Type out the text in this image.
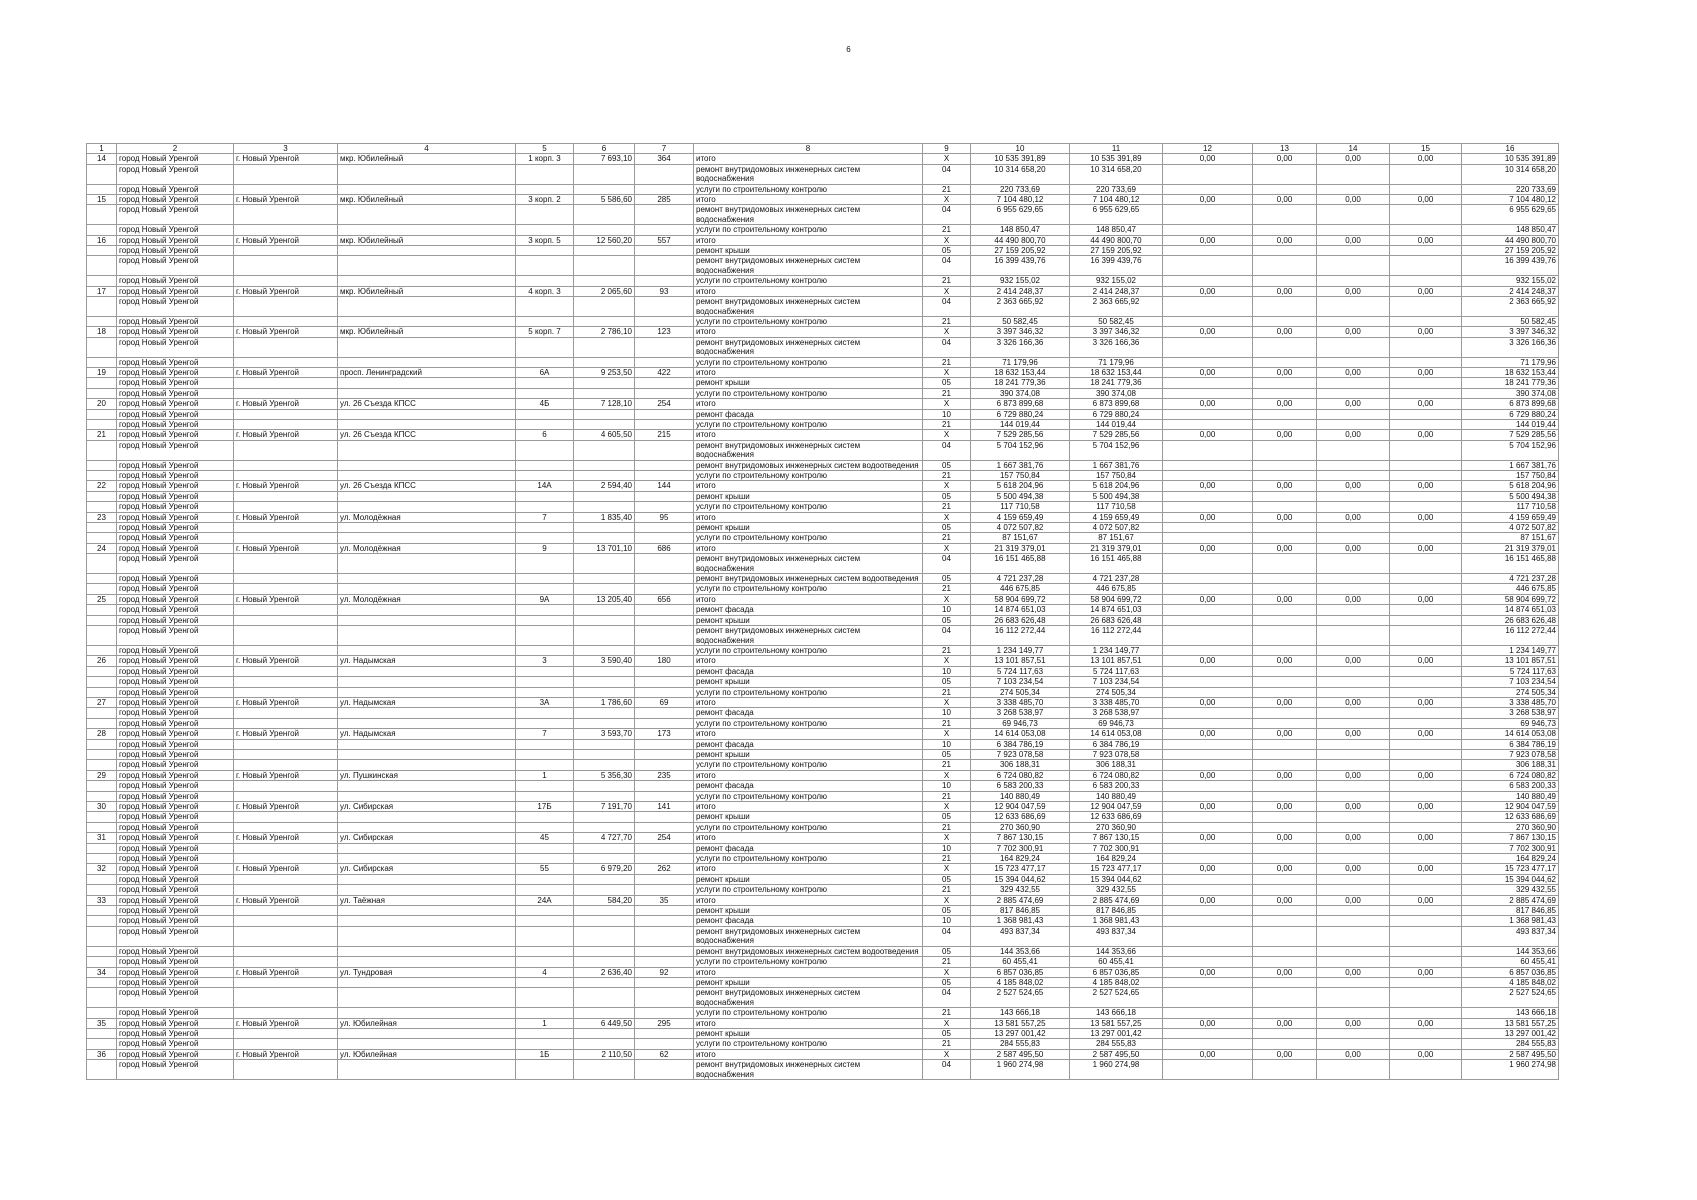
6
1	2	3	4	5	6	7	8	9	10	11	12	13	14	15	16
14	город Новый Уренгой	г. Новый Уренгой	мкр. Юбилейный	1 корп. 3	7 693,10	364	итого	X	10 535 391,89	10 535 391,89	0,00	0,00	0,00	0,00	10 535 391,89
	город Новый Уренгой						ремонт внутридомовых инженерных систем водоснабжения	04	10 314 658,20	10 314 658,20					10 314 658,20
	город Новый Уренгой						услуги по строительному контролю	21	220 733,69	220 733,69					220 733,69
15	город Новый Уренгой	г. Новый Уренгой	мкр. Юбилейный	3 корп. 2	5 586,60	285	итого	X	7 104 480,12	7 104 480,12	0,00	0,00	0,00	0,00	7 104 480,12
	город Новый Уренгой						ремонт внутридомовых инженерных систем водоснабжения	04	6 955 629,65	6 955 629,65					6 955 629,65
	город Новый Уренгой						услуги по строительному контролю	21	148 850,47	148 850,47					148 850,47
16	город Новый Уренгой	г. Новый Уренгой	мкр. Юбилейный	3 корп. 5	12 560,20	557	итого	X	44 490 800,70	44 490 800,70	0,00	0,00	0,00	0,00	44 490 800,70
	город Новый Уренгой						ремонт крыши	05	27 159 205,92	27 159 205,92					27 159 205,92
	город Новый Уренгой						ремонт внутридомовых инженерных систем водоснабжения	04	16 399 439,76	16 399 439,76					16 399 439,76
	город Новый Уренгой						услуги по строительному контролю	21	932 155,02	932 155,02					932 155,02
17	город Новый Уренгой	г. Новый Уренгой	мкр. Юбилейный	4 корп. 3	2 065,60	93	итого	X	2 414 248,37	2 414 248,37	0,00	0,00	0,00	0,00	2 414 248,37
	город Новый Уренгой						ремонт внутридомовых инженерных систем водоснабжения	04	2 363 665,92	2 363 665,92					2 363 665,92
	город Новый Уренгой						услуги по строительному контролю	21	50 582,45	50 582,45					50 582,45
18	город Новый Уренгой	г. Новый Уренгой	мкр. Юбилейный	5 корп. 7	2 786,10	123	итого	X	3 397 346,32	3 397 346,32	0,00	0,00	0,00	0,00	3 397 346,32
	город Новый Уренгой						ремонт внутридомовых инженерных систем водоснабжения	04	3 326 166,36	3 326 166,36					3 326 166,36
	город Новый Уренгой						услуги по строительному контролю	21	71 179,96	71 179,96					71 179,96
19	город Новый Уренгой	г. Новый Уренгой	просп. Ленинградский	6А	9 253,50	422	итого	X	18 632 153,44	18 632 153,44	0,00	0,00	0,00	0,00	18 632 153,44
	город Новый Уренгой						ремонт крыши	05	18 241 779,36	18 241 779,36					18 241 779,36
	город Новый Уренгой						услуги по строительному контролю	21	390 374,08	390 374,08					390 374,08
20	город Новый Уренгой	г. Новый Уренгой	ул. 26 Съезда КПСС	4Б	7 128,10	254	итого	X	6 873 899,68	6 873 899,68	0,00	0,00	0,00	0,00	6 873 899,68
	город Новый Уренгой						ремонт фасада	10	6 729 880,24	6 729 880,24					6 729 880,24
	город Новый Уренгой						услуги по строительному контролю	21	144 019,44	144 019,44					144 019,44
21	город Новый Уренгой	г. Новый Уренгой	ул. 26 Съезда КПСС	6	4 605,50	215	итого	X	7 529 285,56	7 529 285,56	0,00	0,00	0,00	0,00	7 529 285,56
	город Новый Уренгой						ремонт внутридомовых инженерных систем водоснабжения	04	5 704 152,96	5 704 152,96					5 704 152,96
	город Новый Уренгой						ремонт внутридомовых инженерных систем водоотведения	05	1 667 381,76	1 667 381,76					1 667 381,76
	город Новый Уренгой						услуги по строительному контролю	21	157 750,84	157 750,84					157 750,84
22	город Новый Уренгой	г. Новый Уренгой	ул. 26 Съезда КПСС	14А	2 594,40	144	итого	X	5 618 204,96	5 618 204,96	0,00	0,00	0,00	0,00	5 618 204,96
	город Новый Уренгой						ремонт крыши	05	5 500 494,38	5 500 494,38					5 500 494,38
	город Новый Уренгой						услуги по строительному контролю	21	117 710,58	117 710,58					117 710,58
23	город Новый Уренгой	г. Новый Уренгой	ул. Молодёжная	7	1 835,40	95	итого	X	4 159 659,49	4 159 659,49	0,00	0,00	0,00	0,00	4 159 659,49
	город Новый Уренгой						ремонт крыши	05	4 072 507,82	4 072 507,82					4 072 507,82
	город Новый Уренгой						услуги по строительному контролю	21	87 151,67	87 151,67					87 151,67
24	город Новый Уренгой	г. Новый Уренгой	ул. Молодёжная	9	13 701,10	686	итого	X	21 319 379,01	21 319 379,01	0,00	0,00	0,00	0,00	21 319 379,01
	город Новый Уренгой						ремонт внутридомовых инженерных систем водоснабжения	04	16 151 465,88	16 151 465,88					16 151 465,88
	город Новый Уренгой						ремонт внутридомовых инженерных систем водоотведения	05	4 721 237,28	4 721 237,28					4 721 237,28
	город Новый Уренгой						услуги по строительному контролю	21	446 675,85	446 675,85					446 675,85
25	город Новый Уренгой	г. Новый Уренгой	ул. Молодёжная	9А	13 205,40	656	итого	X	58 904 699,72	58 904 699,72	0,00	0,00	0,00	0,00	58 904 699,72
	город Новый Уренгой						ремонт фасада	10	14 874 651,03	14 874 651,03					14 874 651,03
	город Новый Уренгой						ремонт крыши	05	26 683 626,48	26 683 626,48					26 683 626,48
	город Новый Уренгой						ремонт внутридомовых инженерных систем водоснабжения	04	16 112 272,44	16 112 272,44					16 112 272,44
	город Новый Уренгой						услуги по строительному контролю	21	1 234 149,77	1 234 149,77					1 234 149,77
26	город Новый Уренгой	г. Новый Уренгой	ул. Надымская	3	3 590,40	180	итого	X	13 101 857,51	13 101 857,51	0,00	0,00	0,00	0,00	13 101 857,51
	город Новый Уренгой						ремонт фасада	10	5 724 117,63	5 724 117,63					5 724 117,63
	город Новый Уренгой						ремонт крыши	05	7 103 234,54	7 103 234,54					7 103 234,54
	город Новый Уренгой						услуги по строительному контролю	21	274 505,34	274 505,34					274 505,34
27	город Новый Уренгой	г. Новый Уренгой	ул. Надымская	3А	1 786,60	69	итого	X	3 338 485,70	3 338 485,70	0,00	0,00	0,00	0,00	3 338 485,70
	город Новый Уренгой						ремонт фасада	10	3 268 538,97	3 268 538,97					3 268 538,97
	город Новый Уренгой						услуги по строительному контролю	21	69 946,73	69 946,73					69 946,73
28	город Новый Уренгой	г. Новый Уренгой	ул. Надымская	7	3 593,70	173	итого	X	14 614 053,08	14 614 053,08	0,00	0,00	0,00	0,00	14 614 053,08
	город Новый Уренгой						ремонт фасада	10	6 384 786,19	6 384 786,19					6 384 786,19
	город Новый Уренгой						ремонт крыши	05	7 923 078,58	7 923 078,58					7 923 078,58
	город Новый Уренгой						услуги по строительному контролю	21	306 188,31	306 188,31					306 188,31
29	город Новый Уренгой	г. Новый Уренгой	ул. Пушкинская	1	5 356,30	235	итого	X	6 724 080,82	6 724 080,82	0,00	0,00	0,00	0,00	6 724 080,82
	город Новый Уренгой						ремонт фасада	10	6 583 200,33	6 583 200,33					6 583 200,33
	город Новый Уренгой						услуги по строительному контролю	21	140 880,49	140 880,49					140 880,49
30	город Новый Уренгой	г. Новый Уренгой	ул. Сибирская	17Б	7 191,70	141	итого	X	12 904 047,59	12 904 047,59	0,00	0,00	0,00	0,00	12 904 047,59
	город Новый Уренгой						ремонт крыши	05	12 633 686,69	12 633 686,69					12 633 686,69
	город Новый Уренгой						услуги по строительному контролю	21	270 360,90	270 360,90					270 360,90
31	город Новый Уренгой	г. Новый Уренгой	ул. Сибирская	45	4 727,70	254	итого	X	7 867 130,15	7 867 130,15	0,00	0,00	0,00	0,00	7 867 130,15
	город Новый Уренгой						ремонт фасада	10	7 702 300,91	7 702 300,91					7 702 300,91
	город Новый Уренгой						услуги по строительному контролю	21	164 829,24	164 829,24					164 829,24
32	город Новый Уренгой	г. Новый Уренгой	ул. Сибирская	55	6 979,20	262	итого	X	15 723 477,17	15 723 477,17	0,00	0,00	0,00	0,00	15 723 477,17
	город Новый Уренгой						ремонт крыши	05	15 394 044,62	15 394 044,62					15 394 044,62
	город Новый Уренгой						услуги по строительному контролю	21	329 432,55	329 432,55					329 432,55
33	город Новый Уренгой	г. Новый Уренгой	ул. Таёжная	24А	584,20	35	итого	X	2 885 474,69	2 885 474,69	0,00	0,00	0,00	0,00	2 885 474,69
	город Новый Уренгой						ремонт крыши	05	817 846,85	817 846,85					817 846,85
	город Новый Уренгой						ремонт фасада	10	1 368 981,43	1 368 981,43					1 368 981,43
	город Новый Уренгой						ремонт внутридомовых инженерных систем водоснабжения	04	493 837,34	493 837,34					493 837,34
	город Новый Уренгой						ремонт внутридомовых инженерных систем водоотведения	05	144 353,66	144 353,66					144 353,66
	город Новый Уренгой						услуги по строительному контролю	21	60 455,41	60 455,41					60 455,41
34	город Новый Уренгой	г. Новый Уренгой	ул. Тундровая	4	2 636,40	92	итого	X	6 857 036,85	6 857 036,85	0,00	0,00	0,00	0,00	6 857 036,85
	город Новый Уренгой						ремонт крыши	05	4 185 848,02	4 185 848,02					4 185 848,02
	город Новый Уренгой						ремонт внутридомовых инженерных систем водоснабжения	04	2 527 524,65	2 527 524,65					2 527 524,65
	город Новый Уренгой						услуги по строительному контролю	21	143 666,18	143 666,18					143 666,18
35	город Новый Уренгой	г. Новый Уренгой	ул. Юбилейная	1	6 449,50	295	итого	X	13 581 557,25	13 581 557,25	0,00	0,00	0,00	0,00	13 581 557,25
	город Новый Уренгой						ремонт крыши	05	13 297 001,42	13 297 001,42					13 297 001,42
	город Новый Уренгой						услуги по строительному контролю	21	284 555,83	284 555,83					284 555,83
36	город Новый Уренгой	г. Новый Уренгой	ул. Юбилейная	1Б	2 110,50	62	итого	X	2 587 495,50	2 587 495,50	0,00	0,00	0,00	0,00	2 587 495,50
	город Новый Уренгой						ремонт внутридомовых инженерных систем водоснабжения	04	1 960 274,98	1 960 274,98					1 960 274,98
